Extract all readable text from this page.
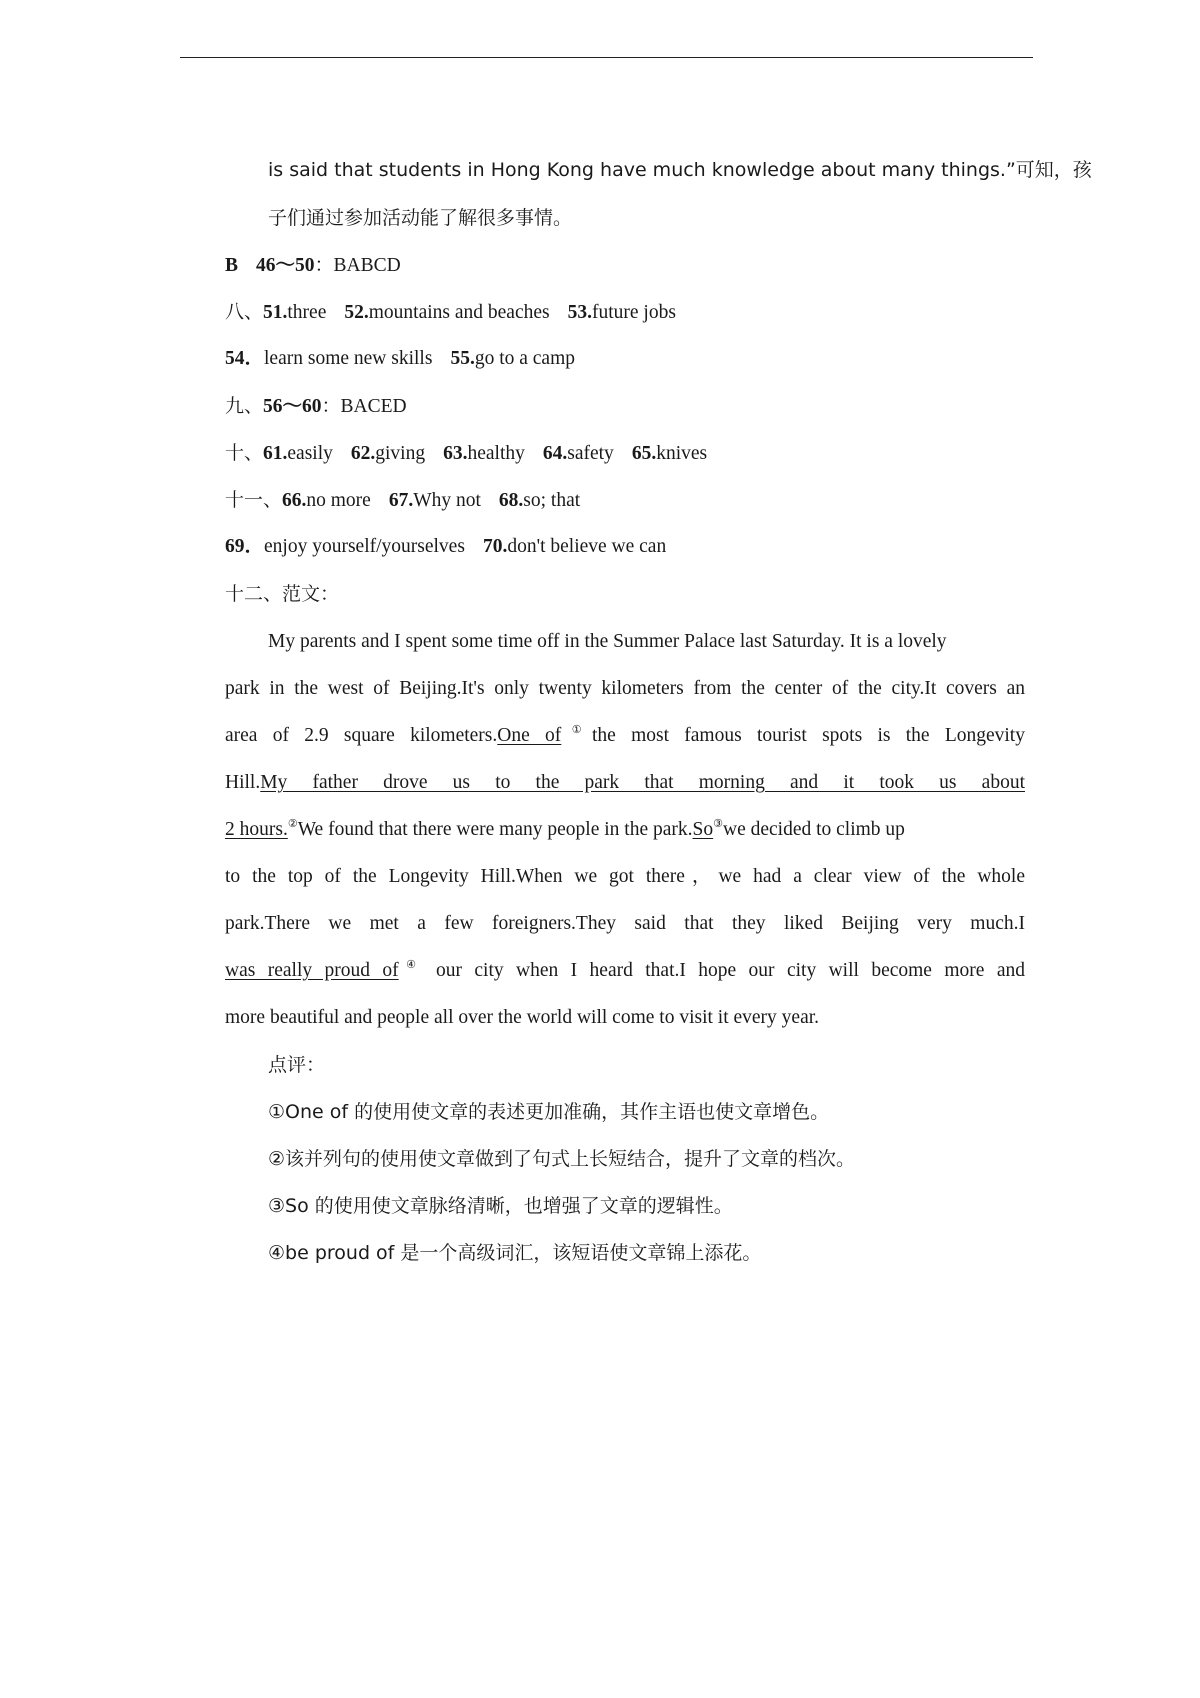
is said that students in Hong Kong have much knowledge about many things.”可知，孩
子们通过参加活动能了解很多事情。
B 46～50：BABCD
八、51.three 52.mountains and beaches 53.future jobs
54．learn some new skills 55.go to a camp
九、56～60：BACED
十、61.easily 62.giving 63.healthy 64.safety 65.knives
十一、66.no more 67.Why not 68.so; that
69．enjoy yourself/yourselves 70.don't believe we can
十二、范文：
My parents and I spent some time off in the Summer Palace last Saturday. It is a lovely
park in the west of Beijing.It's only twenty kilometers from the center of the city.It covers an
area of 2.9 square kilometers.One of①the most famous tourist spots is the Longevity
Hill.My father drove us to the park that morning and it took us about
2 hours.②We found that there were many people in the park.So③we decided to climb up
to the top of the Longevity Hill.When we got there，we had a clear view of the whole
park.There we met a few foreigners.They said that they liked Beijing very much.I
was really proud of④ our city when I heard that.I hope our city will become more and
more beautiful and people all over the world will come to visit it every year.
点评：
①One of 的使用使文章的表述更加准确，其作主语也使文章增色。
②该并列句的使用使文章做到了句式上长短结合，提升了文章的档次。
③So 的使用使文章脉络清晰，也增强了文章的逻辑性。
④be proud of 是一个高级词汇，该短语使文章锦上添花。
